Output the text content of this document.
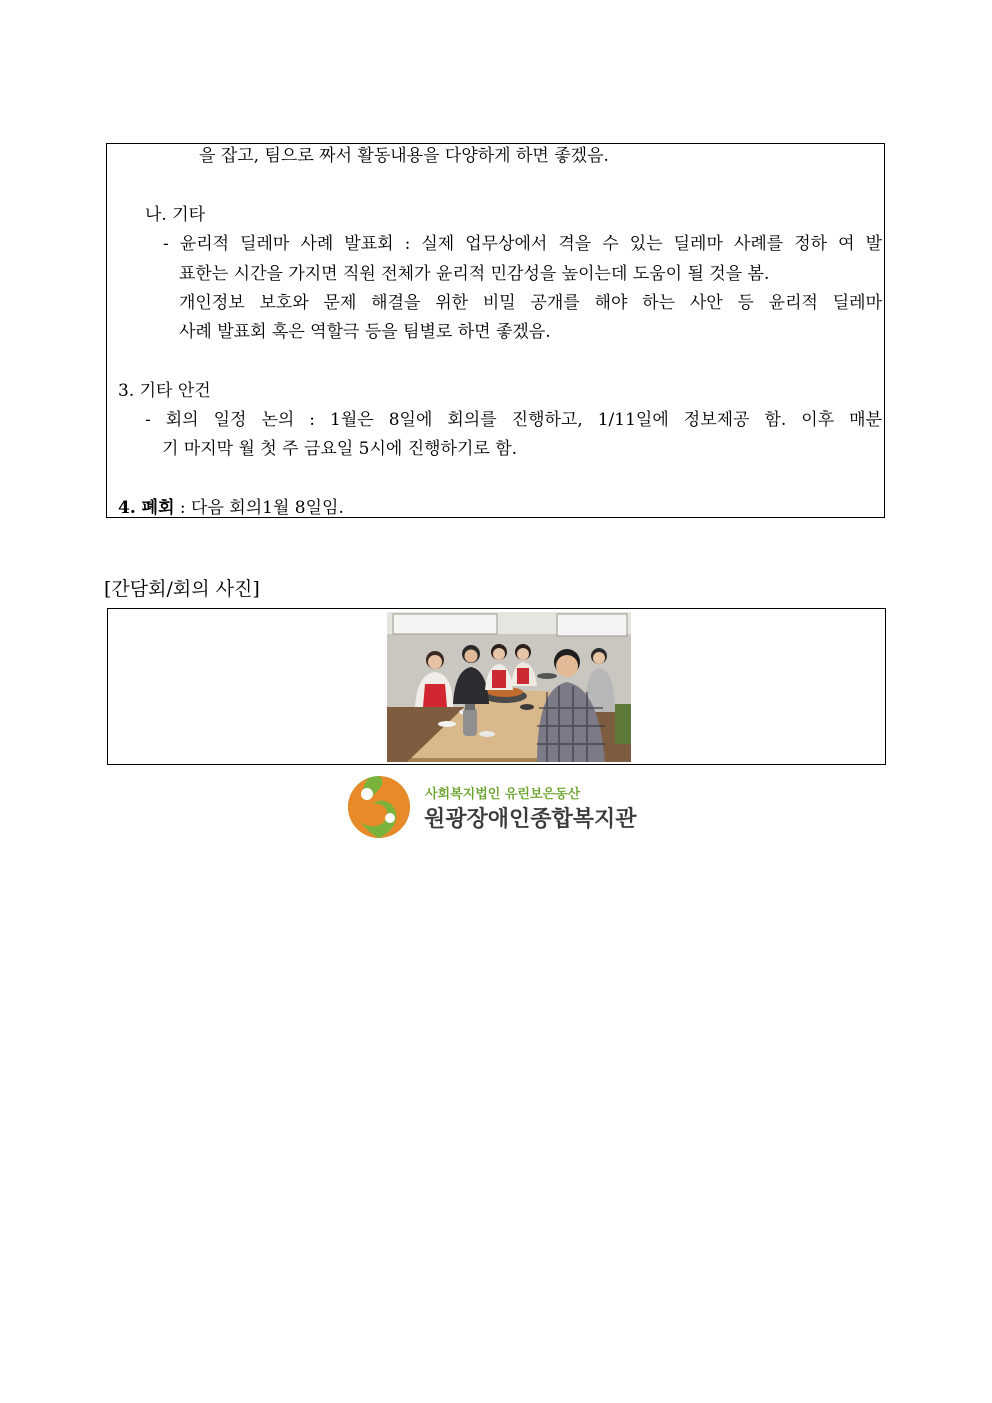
을 잡고, 팀으로 짜서 활동내용을 다양하게 하면 좋겠음.
나. 기타
- 윤리적 딜레마 사례 발표회 : 실제 업무상에서 격을 수 있는 딜레마 사례를 정하 여 발
표한는 시간을 가지면 직원 전체가 윤리적 민감성을 높이는데 도움이 될 것을 봄.
개인정보 보호와 문제 해결을 위한 비밀 공개를 해야 하는 사안 등 윤리적 딜레마
사례 발표회 혹은 역할극 등을 팀별로 하면 좋겠음.
3. 기타 안건
- 회의 일정 논의 : 1월은 8일에 회의를 진행하고, 1/11일에 정보제공 함. 이후 매분
기 마지막 월 첫 주 금요일 5시에 진행하기로 함.
4. 폐회 : 다음 회의1월 8일임.
[간담회/회의 사진]
사회복지법인 유린보은동산
원광장애인종합복지관
